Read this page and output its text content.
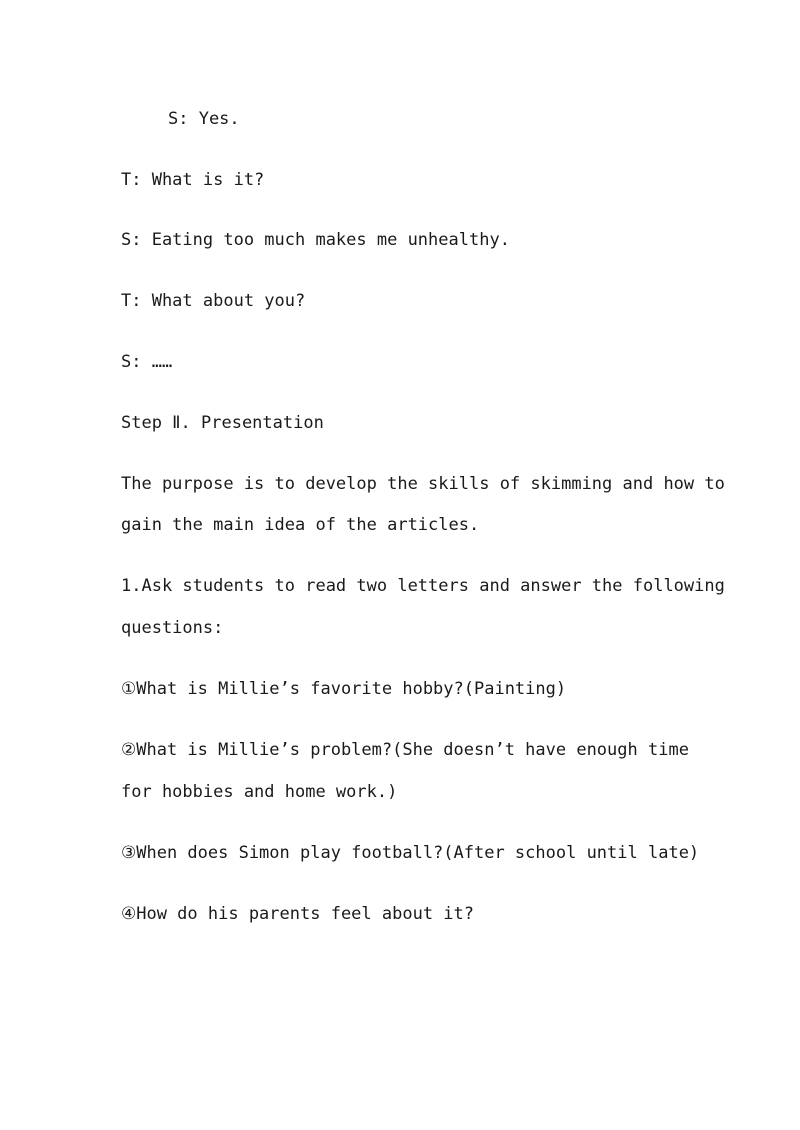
S: Yes.

T: What is it?

S: Eating too much makes me unhealthy.

T: What about you?

S: ……

Step Ⅱ. Presentation

The purpose is to develop the skills of skimming and how to

gain the main idea of the articles.

1.Ask students to read two letters and answer the following

questions:

①What is Millie’s favorite hobby?(Painting)

②What is Millie’s problem?(She doesn’t have enough time

for hobbies and home work.)

③When does Simon play football?(After school until late)

④How do his parents feel about it?
